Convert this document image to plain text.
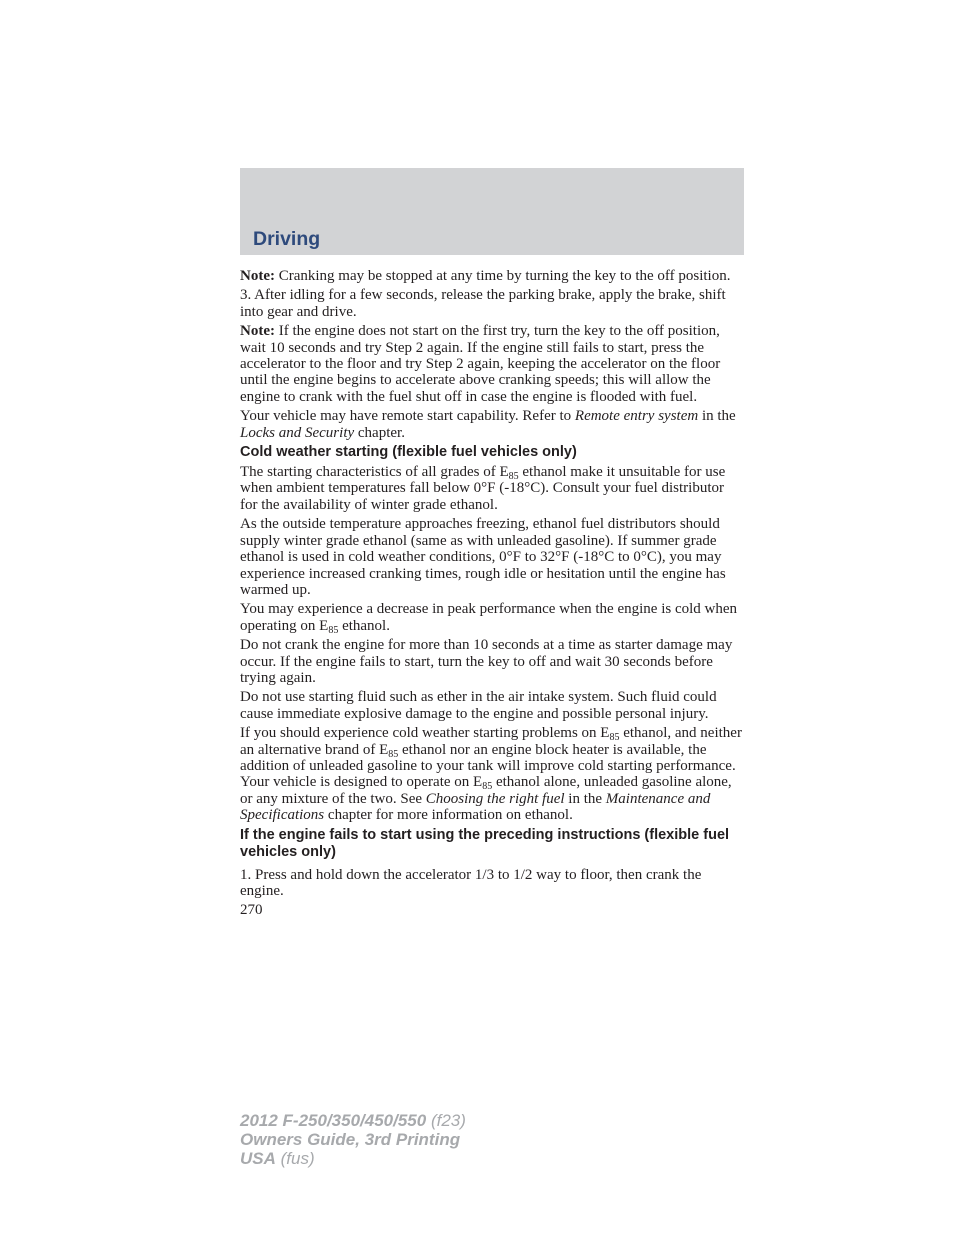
Driving

Note: Cranking may be stopped at any time by turning the key to the off position.

3. After idling for a few seconds, release the parking brake, apply the brake, shift into gear and drive.

Note: If the engine does not start on the first try, turn the key to the off position, wait 10 seconds and try Step 2 again. If the engine still fails to start, press the accelerator to the floor and try Step 2 again, keeping the accelerator on the floor until the engine begins to accelerate above cranking speeds; this will allow the engine to crank with the fuel shut off in case the engine is flooded with fuel.

Your vehicle may have remote start capability. Refer to Remote entry system in the Locks and Security chapter.

Cold weather starting (flexible fuel vehicles only)

The starting characteristics of all grades of $E_{85}$ ethanol make it unsuitable for use when ambient temperatures fall below 0°F (-18°C). Consult your fuel distributor for the availability of winter grade ethanol.

As the outside temperature approaches freezing, ethanol fuel distributors should supply winter grade ethanol (same as with unleaded gasoline). If summer grade ethanol is used in cold weather conditions, 0°F to 32°F (-18°C to 0°C), you may experience increased cranking times, rough idle or hesitation until the engine has warmed up.

You may experience a decrease in peak performance when the engine is cold when operating on $E_{85}$ ethanol.

Do not crank the engine for more than 10 seconds at a time as starter damage may occur. If the engine fails to start, turn the key to off and wait 30 seconds before trying again.

Do not use starting fluid such as ether in the air intake system. Such fluid could cause immediate explosive damage to the engine and possible personal injury.

If you should experience cold weather starting problems on $E_{85}$ ethanol, and neither an alternative brand of $E_{85}$ ethanol nor an engine block heater is available, the addition of unleaded gasoline to your tank will improve cold starting performance. Your vehicle is designed to operate on $E_{85}$ ethanol alone, unleaded gasoline alone, or any mixture of the two. See Choosing the right fuel in the Maintenance and Specifications chapter for more information on ethanol.

If the engine fails to start using the preceding instructions (flexible fuel vehicles only)

1. Press and hold down the accelerator 1/3 to 1/2 way to floor, then crank the engine.

270

2012 F-250/350/450/550 (f23)
Owners Guide, 3rd Printing
USA (fus)
